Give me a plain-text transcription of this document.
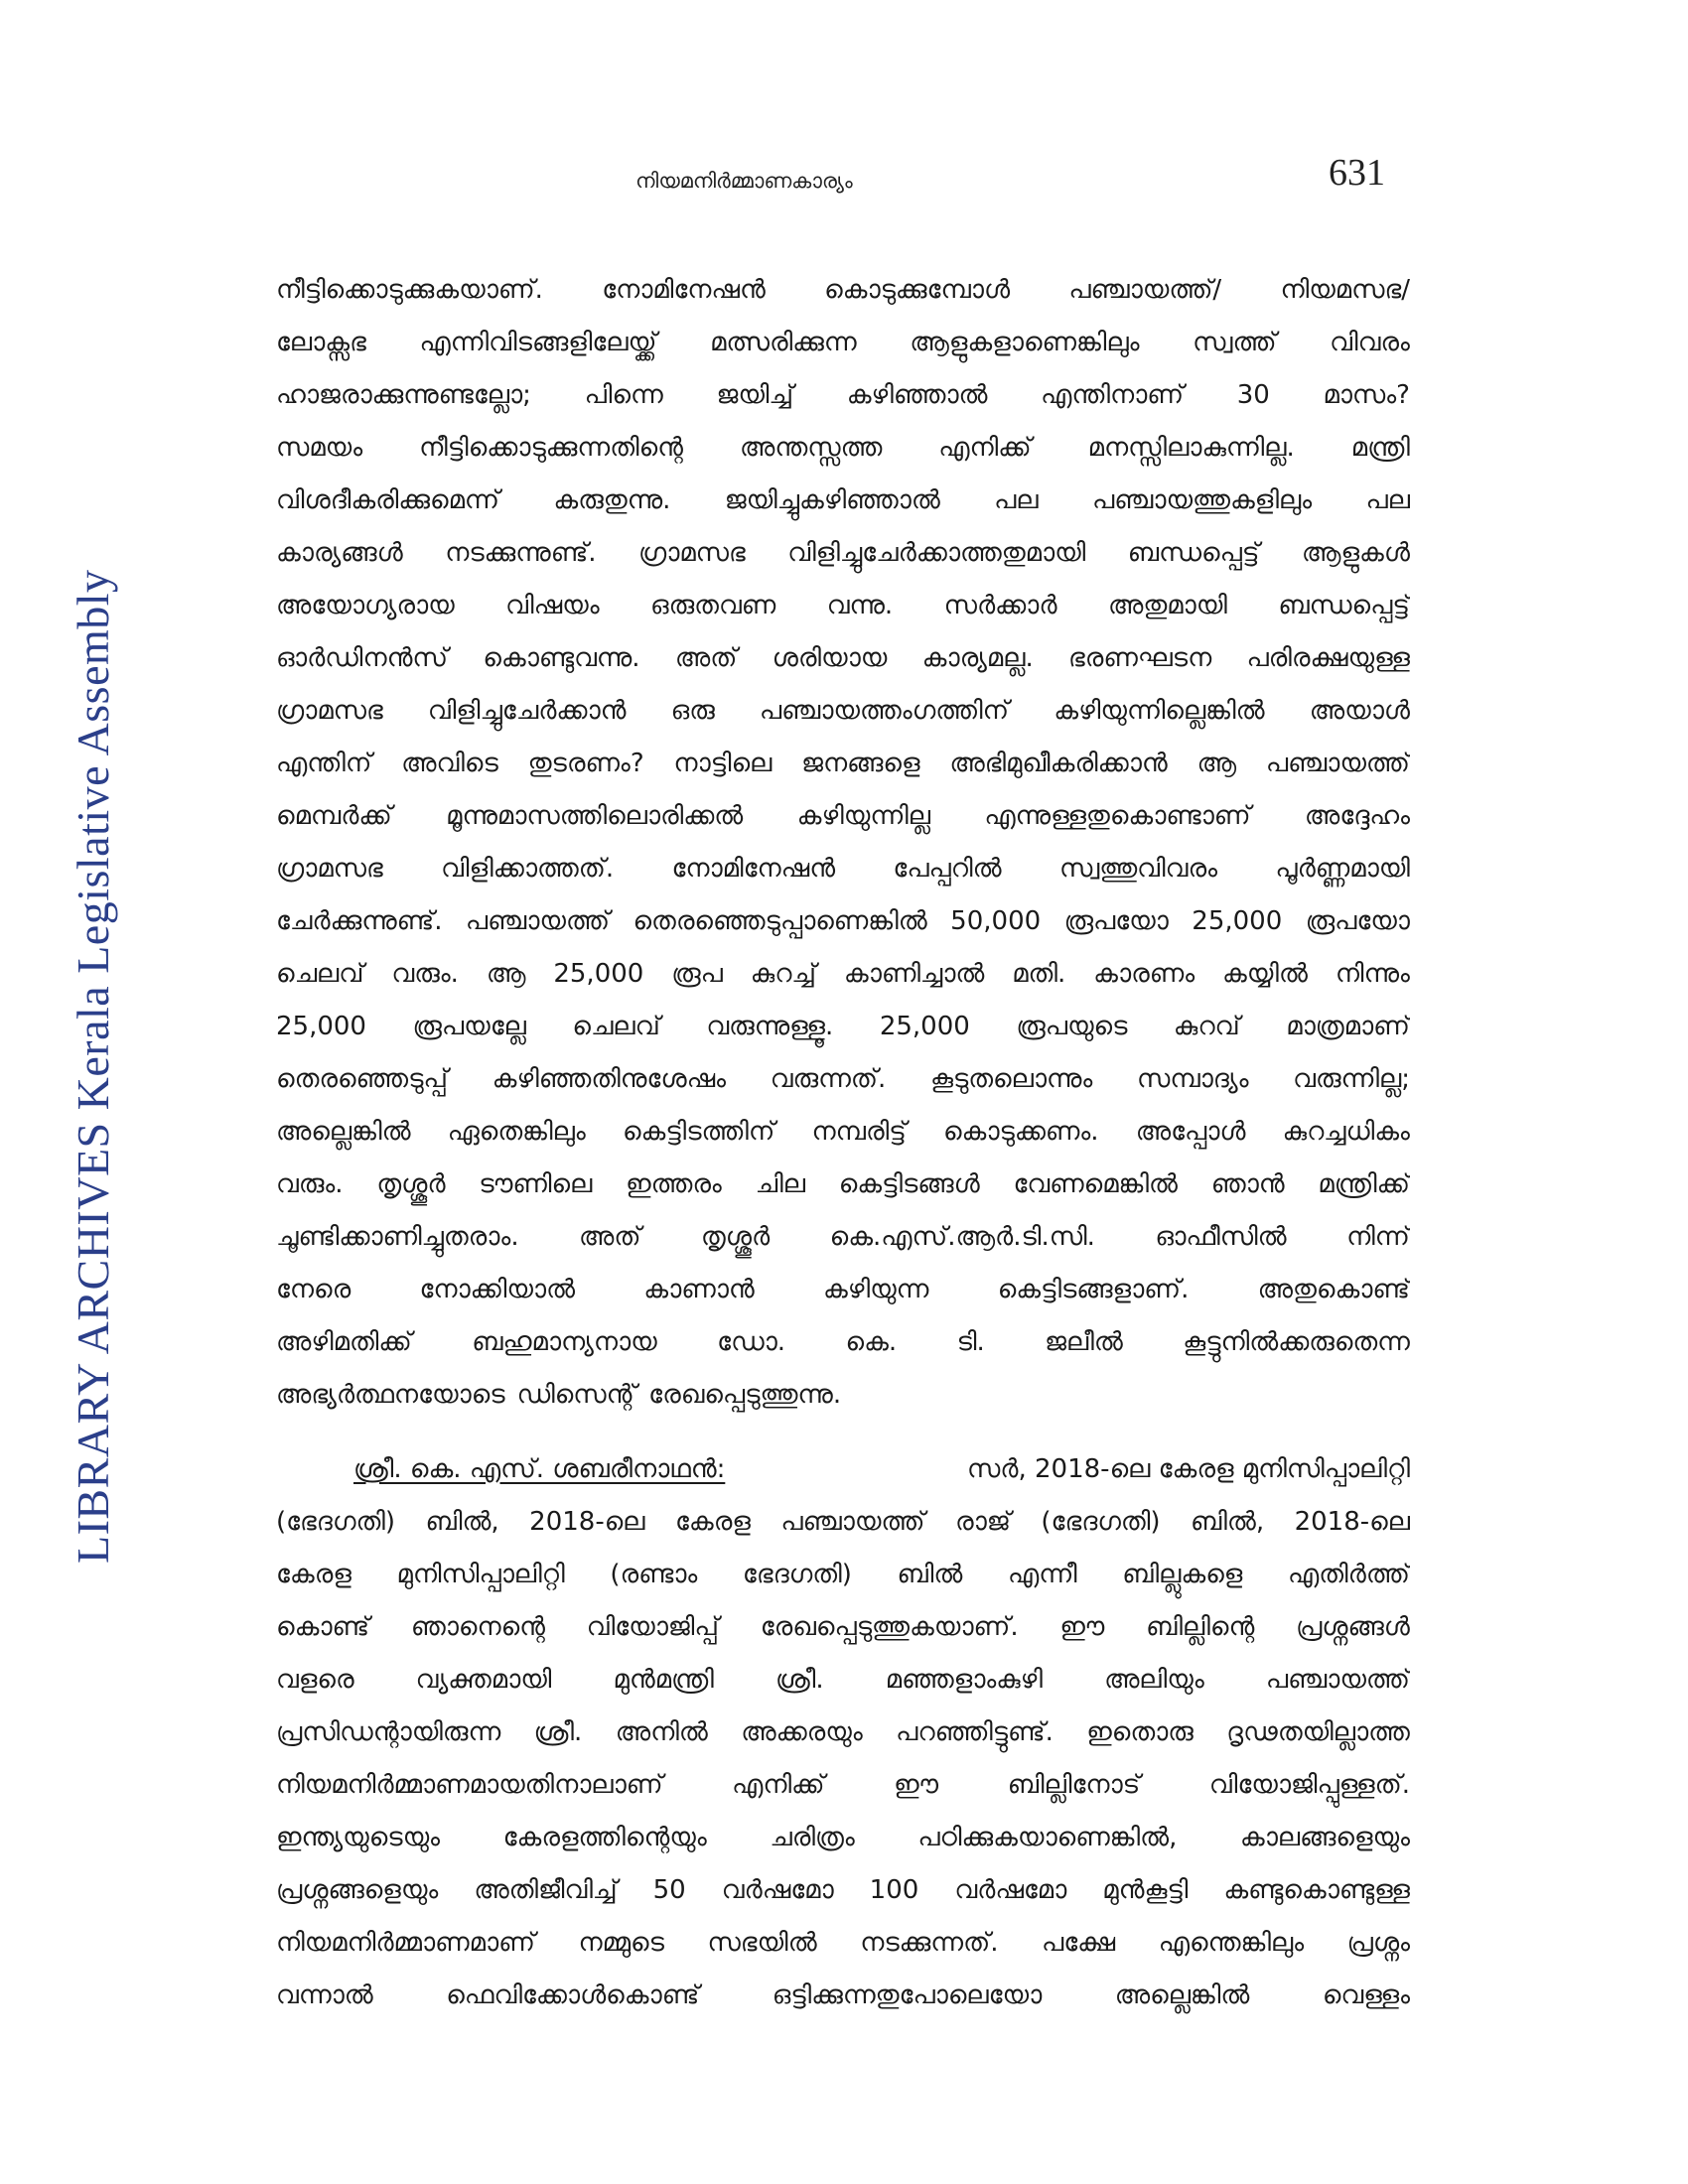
LIBRARY ARCHIVES Kerala Legislative Assembly
നിയമനിർമ്മാണകാര്യം	631
നീട്ടിക്കൊടുക്കുകയാണ്. നോമിനേഷൻ കൊടുക്കുമ്പോൾ പഞ്ചായത്ത്/ നിയമസഭ/
ലോക്സഭ എന്നിവിടങ്ങളിലേയ്ക്ക് മത്സരിക്കുന്ന ആളുകളാണെങ്കിലും സ്വത്ത് വിവരം
ഹാജരാക്കുന്നുണ്ടല്ലോ; പിന്നെ ജയിച്ച് കഴിഞ്ഞാൽ എന്തിനാണ് 30 മാസം?
സമയം നീട്ടിക്കൊടുക്കുന്നതിന്റെ അന്തസ്സത്ത എനിക്ക് മനസ്സിലാകുന്നില്ല. മന്ത്രി
വിശദീകരിക്കുമെന്ന് കരുതുന്നു. ജയിച്ചുകഴിഞ്ഞാൽ പല പഞ്ചായത്തുകളിലും പല
കാര്യങ്ങൾ നടക്കുന്നുണ്ട്. ഗ്രാമസഭ വിളിച്ചുചേർക്കാത്തതുമായി ബന്ധപ്പെട്ട് ആളുകൾ
അയോഗ്യരായ വിഷയം ഒരുതവണ വന്നു. സർക്കാർ അതുമായി ബന്ധപ്പെട്ട്
ഓർഡിനൻസ് കൊണ്ടുവന്നു. അത് ശരിയായ കാര്യമല്ല. ഭരണഘടന പരിരക്ഷയുള്ള
ഗ്രാമസഭ വിളിച്ചുചേർക്കാൻ ഒരു പഞ്ചായത്തംഗത്തിന് കഴിയുന്നില്ലെങ്കിൽ അയാൾ
എന്തിന് അവിടെ തുടരണം? നാട്ടിലെ ജനങ്ങളെ അഭിമുഖീകരിക്കാൻ ആ പഞ്ചായത്ത്
മെമ്പർക്ക് മൂന്നുമാസത്തിലൊരിക്കൽ കഴിയുന്നില്ല എന്നുള്ളതുകൊണ്ടാണ് അദ്ദേഹം
ഗ്രാമസഭ വിളിക്കാത്തത്. നോമിനേഷൻ പേപ്പറിൽ സ്വത്തുവിവരം പൂർണ്ണമായി
ചേർക്കുന്നുണ്ട്. പഞ്ചായത്ത് തെരഞ്ഞെടുപ്പാണെങ്കിൽ 50,000 രൂപയോ 25,000 രൂപയോ
ചെലവ് വരും. ആ 25,000 രൂപ കുറച്ച് കാണിച്ചാൽ മതി. കാരണം കയ്യിൽ നിന്നും
25,000 രൂപയല്ലേ ചെലവ് വരുന്നുള്ളൂ. 25,000 രൂപയുടെ കുറവ് മാത്രമാണ്
തെരഞ്ഞെടുപ്പ് കഴിഞ്ഞതിനുശേഷം വരുന്നത്. കൂടുതലൊന്നും സമ്പാദ്യം വരുന്നില്ല;
അല്ലെങ്കിൽ ഏതെങ്കിലും കെട്ടിടത്തിന് നമ്പരിട്ട് കൊടുക്കണം. അപ്പോൾ കുറച്ചധികം
വരും. തൃശ്ശൂർ ടൗണിലെ ഇത്തരം ചില കെട്ടിടങ്ങൾ വേണമെങ്കിൽ ഞാൻ മന്ത്രിക്ക്
ചൂണ്ടിക്കാണിച്ചുതരാം. അത് തൃശ്ശൂർ കെ.എസ്.ആർ.ടി.സി. ഓഫീസിൽ നിന്ന്
നേരെ	നോക്കിയാൽ	കാണാൻ	കഴിയുന്ന	കെട്ടിടങ്ങളാണ്.	അതുകൊണ്ട്
അഴിമതിക്ക് ബഹുമാന്യനായ ഡോ. കെ. ടി. ജലീൽ കൂട്ടുനിൽക്കരുതെന്ന
അഭ്യർത്ഥനയോടെ ഡിസെന്റ് രേഖപ്പെടുത്തുന്നു.
ശ്രീ. കെ. എസ്. ശബരീനാഥൻ:	സർ, 2018-ലെ കേരള മുനിസിപ്പാലിറ്റി
(ഭേദഗതി) ബിൽ, 2018-ലെ കേരള പഞ്ചായത്ത് രാജ് (ഭേദഗതി) ബിൽ, 2018-ലെ
കേരള മുനിസിപ്പാലിറ്റി (രണ്ടാം ഭേദഗതി) ബിൽ എന്നീ ബില്ലുകളെ എതിർത്ത്
കൊണ്ട് ഞാനെന്റെ വിയോജിപ്പ് രേഖപ്പെടുത്തുകയാണ്. ഈ ബില്ലിന്റെ പ്രശ്നങ്ങൾ
വളരെ വ്യക്തമായി മുൻമന്ത്രി ശ്രീ. മഞ്ഞളാംകുഴി അലിയും പഞ്ചായത്ത്
പ്രസിഡന്റായിരുന്ന ശ്രീ. അനിൽ അക്കരയും പറഞ്ഞിട്ടുണ്ട്. ഇതൊരു ദൃഢതയില്ലാത്ത
നിയമനിർമ്മാണമായതിനാലാണ്	എനിക്ക്	ഈ	ബില്ലിനോട്	വിയോജിപ്പുള്ളത്.
ഇന്ത്യയുടെയും കേരളത്തിന്റെയും ചരിത്രം പഠിക്കുകയാണെങ്കിൽ, കാലങ്ങളെയും
പ്രശ്നങ്ങളെയും അതിജീവിച്ച് 50 വർഷമോ 100 വർഷമോ മുൻകൂട്ടി കണ്ടുകൊണ്ടുള്ള
നിയമനിർമ്മാണമാണ് നമ്മുടെ സഭയിൽ നടക്കുന്നത്. പക്ഷേ എന്തെങ്കിലും പ്രശ്നം
വന്നാൽ	ഫെവിക്കോൾകൊണ്ട്	ഒട്ടിക്കുന്നതുപോലെയോ	അല്ലെങ്കിൽ	വെള്ളം
